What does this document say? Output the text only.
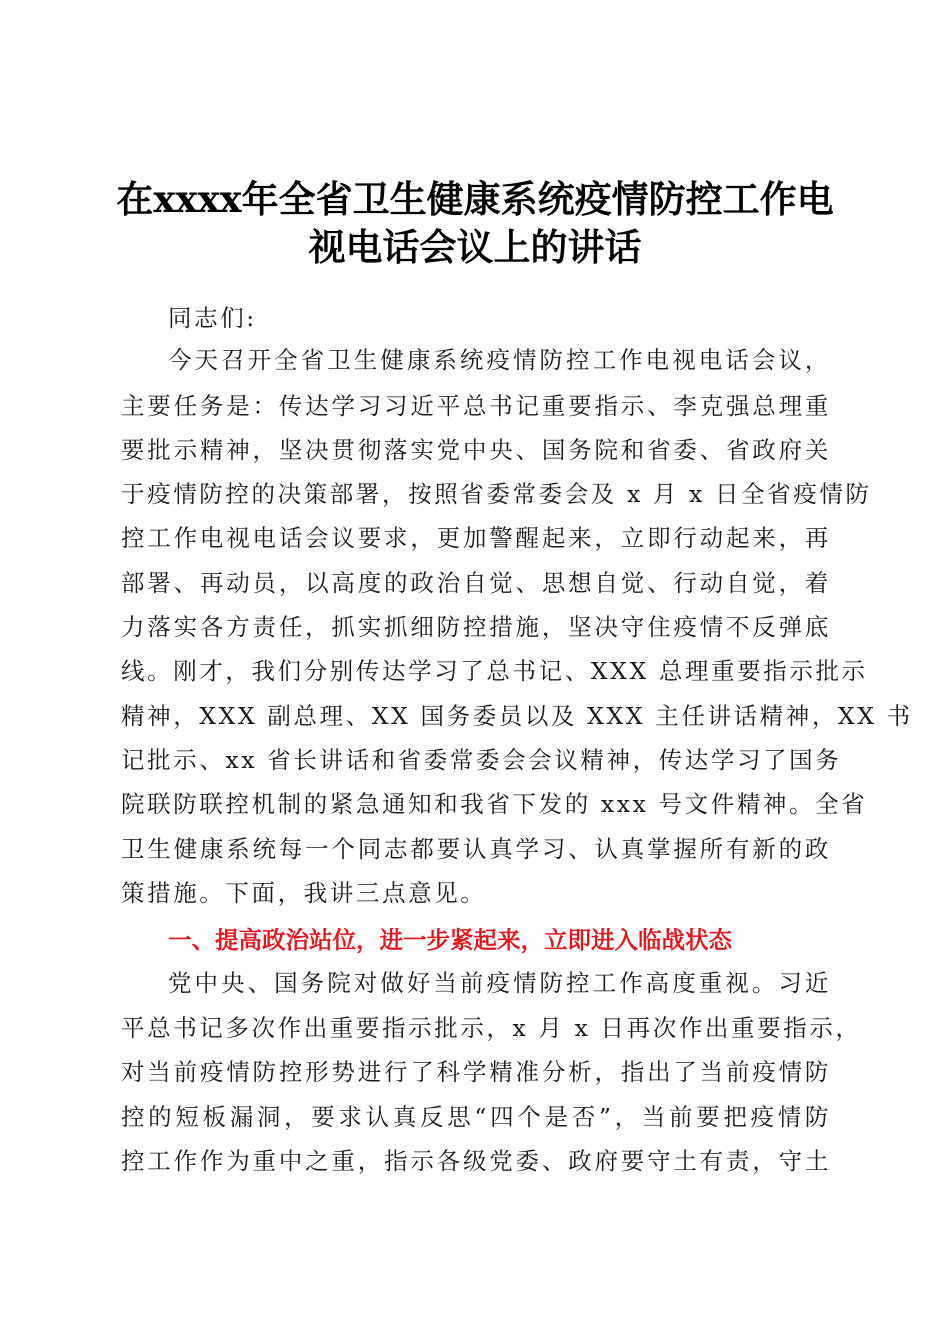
在xxxx年全省卫生健康系统疫情防控工作电
视电话会议上的讲话

同志们:

今天召开全省卫生健康系统疫情防控工作电视电话会议，

主要任务是：传达学习习近平总书记重要指示、李克强总理重

要批示精神，坚决贯彻落实党中央、国务院和省委、省政府关

于疫情防控的决策部署，按照省委常委会及 x 月 x 日全省疫情防

控工作电视电话会议要求，更加警醒起来，立即行动起来，再

部署、再动员，以高度的政治自觉、思想自觉、行动自觉，着

力落实各方责任，抓实抓细防控措施，坚决守住疫情不反弹底

线。刚才，我们分别传达学习了总书记、XXX 总理重要指示批示

精神，XXX 副总理、XX 国务委员以及 XXX 主任讲话精神，XX 书

记批示、xx 省长讲话和省委常委会会议精神，传达学习了国务

院联防联控机制的紧急通知和我省下发的 xxx 号文件精神。全省

卫生健康系统每一个同志都要认真学习、认真掌握所有新的政

策措施。下面，我讲三点意见。

一、提高政治站位，进一步紧起来，立即进入临战状态

党中央、国务院对做好当前疫情防控工作高度重视。习近

平总书记多次作出重要指示批示，x 月 x 日再次作出重要指示，

对当前疫情防控形势进行了科学精准分析，指出了当前疫情防

控的短板漏洞，要求认真反思“四个是否”，当前要把疫情防

控工作作为重中之重，指示各级党委、政府要守土有责，守土
